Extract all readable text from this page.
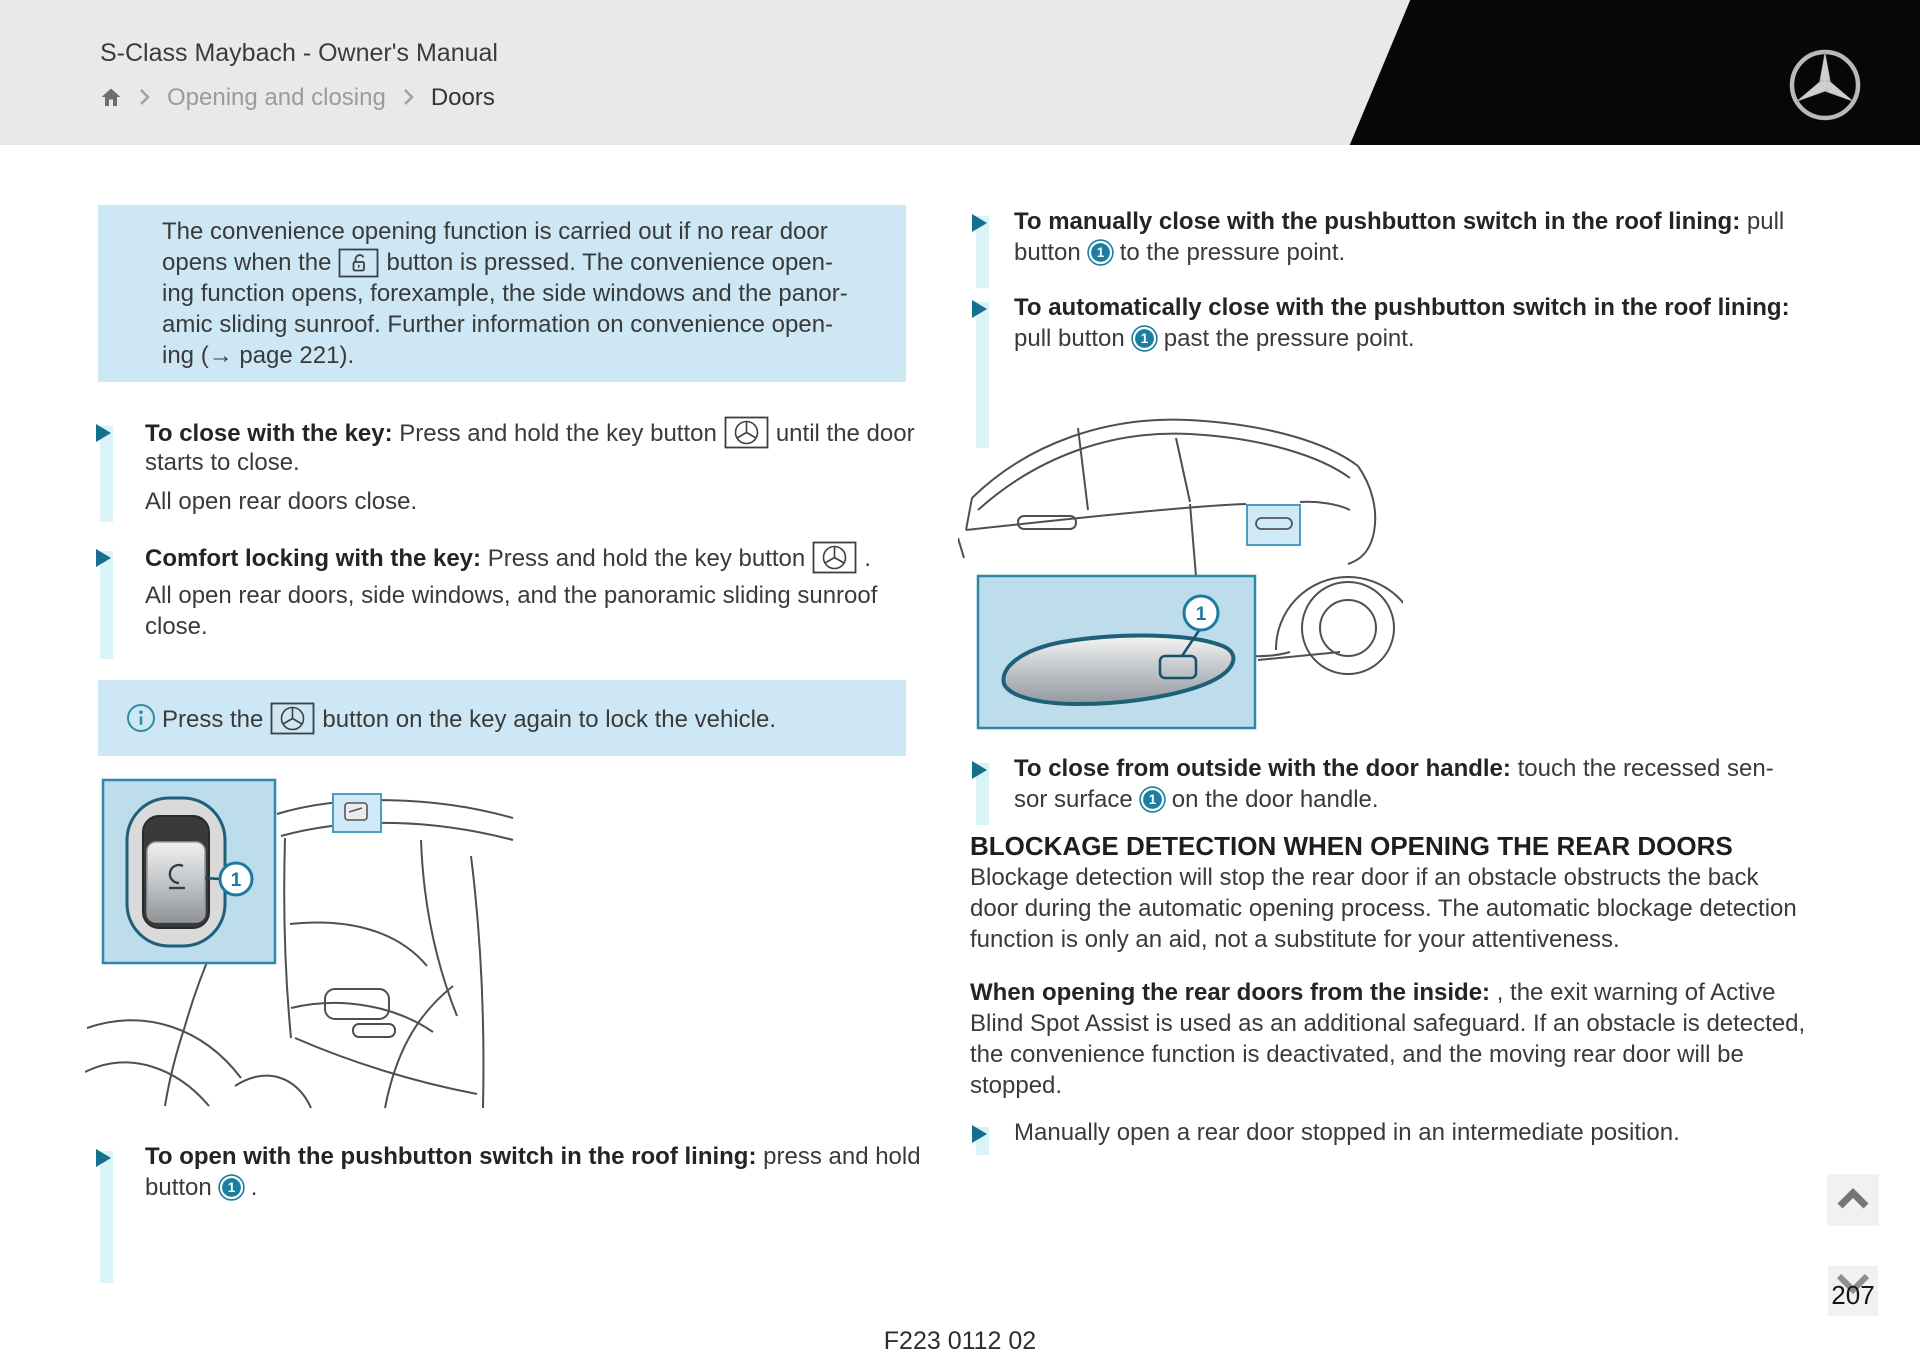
S-Class Maybach - Owner's Manual
Opening and closing Doors
The convenience opening function is carried out if no rear door
opens when the button is pressed. The convenience open-
ing function opens, forexample, the side windows and the panor-
amic sliding sunroof. Further information on convenience open-
ing (→ page 221).
To close with the key: Press and hold the key button until the door
starts to close.
All open rear doors close.
Comfort locking with the key: Press and hold the key button .
All open rear doors, side windows, and the panoramic sliding sunroof
close.
Press the button on the key again to lock the vehicle.
1
To open with the pushbutton switch in the roof lining: press and hold
button 1 .
To manually close with the pushbutton switch in the roof lining: pull
button 1 to the pressure point.
To automatically close with the pushbutton switch in the roof lining:
pull button 1 past the pressure point.
1
To close from outside with the door handle: touch the recessed sen-
sor surface 1 on the door handle.
BLOCKAGE DETECTION WHEN OPENING THE REAR DOORS
Blockage detection will stop the rear door if an obstacle obstructs the back
door during the automatic opening process. The automatic blockage detection
function is only an aid, not a substitute for your attentiveness.
When opening the rear doors from the inside: , the exit warning of Active
Blind Spot Assist is used as an additional safeguard. If an obstacle is detected,
the convenience function is deactivated, and the moving rear door will be
stopped.
Manually open a rear door stopped in an intermediate position.
207
F223 0112 02
